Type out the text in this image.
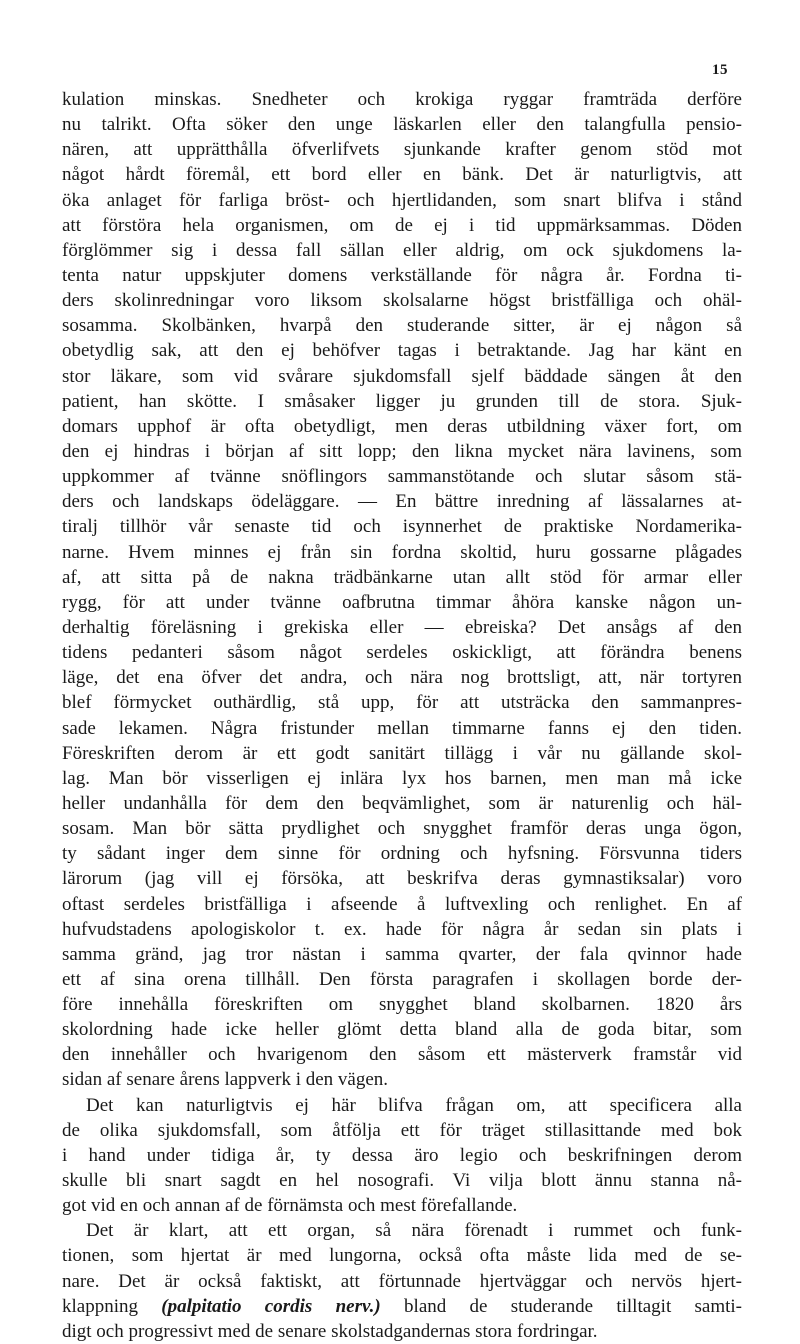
15
kulation minskas. Snedheter och krokiga ryggar framträda derföre
nu talrikt. Ofta söker den unge läskarlen eller den talangfulla pensio-
nären, att upprätthålla öfverlifvets sjunkande krafter genom stöd mot
något hårdt föremål, ett bord eller en bänk. Det är naturligtvis, att
öka anlaget för farliga bröst- och hjertlidanden, som snart blifva i stånd
att förstöra hela organismen, om de ej i tid uppmärksammas. Döden
förglömmer sig i dessa fall sällan eller aldrig, om ock sjukdomens la-
tenta natur uppskjuter domens verkställande för några år. Fordna ti-
ders skolinredningar voro liksom skolsalarne högst bristfälliga och ohäl-
sosamma. Skolbänken, hvarpå den studerande sitter, är ej någon så
obetydlig sak, att den ej behöfver tagas i betraktande. Jag har känt en
stor läkare, som vid svårare sjukdomsfall sjelf bäddade sängen åt den
patient, han skötte. I småsaker ligger ju grunden till de stora. Sjuk-
domars upphof är ofta obetydligt, men deras utbildning växer fort, om
den ej hindras i början af sitt lopp; den likna mycket nära lavinens, som
uppkommer af tvänne snöflingors sammanstötande och slutar såsom stä-
ders och landskaps ödeläggare. — En bättre inredning af lässalarnes at-
tiralj tillhör vår senaste tid och isynnerhet de praktiske Nordamerika-
narne. Hvem minnes ej från sin fordna skoltid, huru gossarne plågades
af, att sitta på de nakna trädbänkarne utan allt stöd för armar eller
rygg, för att under tvänne oafbrutna timmar åhöra kanske någon un-
derhaltig föreläsning i grekiska eller — ebreiska? Det ansågs af den
tidens pedanteri såsom något serdeles oskickligt, att förändra benens
läge, det ena öfver det andra, och nära nog brottsligt, att, när tortyren
blef förmycket outhärdlig, stå upp, för att utsträcka den sammanpres-
sade lekamen. Några fristunder mellan timmarne fanns ej den tiden.
Föreskriften derom är ett godt sanitärt tillägg i vår nu gällande skol-
lag. Man bör visserligen ej inlära lyx hos barnen, men man må icke
heller undanhålla för dem den beqvämlighet, som är naturenlig och häl-
sosam. Man bör sätta prydlighet och snygghet framför deras unga ögon,
ty sådant inger dem sinne för ordning och hyfsning. Försvunna tiders
lärorum (jag vill ej försöka, att beskrifva deras gymnastiksalar) voro
oftast serdeles bristfälliga i afseende å luftvexling och renlighet. En af
hufvudstadens apologiskolor t. ex. hade för några år sedan sin plats i
samma gränd, jag tror nästan i samma qvarter, der fala qvinnor hade
ett af sina orena tillhåll. Den första paragrafen i skollagen borde der-
före innehålla föreskriften om snygghet bland skolbarnen. 1820 års
skolordning hade icke heller glömt detta bland alla de goda bitar, som
den innehåller och hvarigenom den såsom ett mästerverk framstår vid
sidan af senare årens lappverk i den vägen.
Det kan naturligtvis ej här blifva frågan om, att specificera alla
de olika sjukdomsfall, som åtfölja ett för träget stillasittande med bok
i hand under tidiga år, ty dessa äro legio och beskrifningen derom
skulle bli snart sagdt en hel nosografi. Vi vilja blott ännu stanna nå-
got vid en och annan af de förnämsta och mest förefallande.
Det är klart, att ett organ, så nära förenadt i rummet och funk-
tionen, som hjertat är med lungorna, också ofta måste lida med de se-
nare. Det är också faktiskt, att förtunnade hjertväggar och nervös hjert-
klappning (palpitatio cordis nerv.) bland de studerande tilltagit samti-
digt och progressivt med de senare skolstadgandernas stora fordringar.
